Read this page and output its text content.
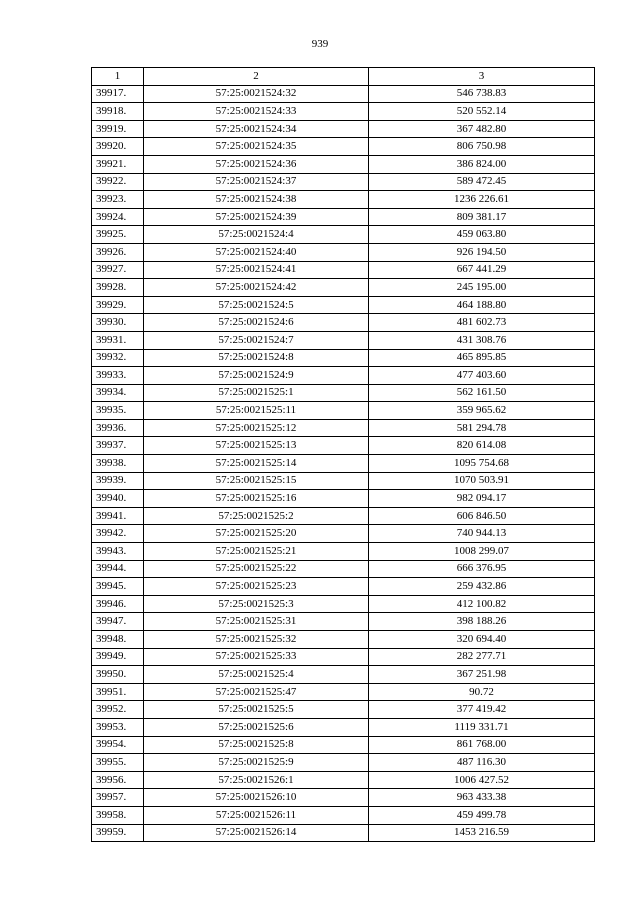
939
1	2	3
39917.	57:25:0021524:32	546 738.83
39918.	57:25:0021524:33	520 552.14
39919.	57:25:0021524:34	367 482.80
39920.	57:25:0021524:35	806 750.98
39921.	57:25:0021524:36	386 824.00
39922.	57:25:0021524:37	589 472.45
39923.	57:25:0021524:38	1236 226.61
39924.	57:25:0021524:39	809 381.17
39925.	57:25:0021524:4	459 063.80
39926.	57:25:0021524:40	926 194.50
39927.	57:25:0021524:41	667 441.29
39928.	57:25:0021524:42	245 195.00
39929.	57:25:0021524:5	464 188.80
39930.	57:25:0021524:6	481 602.73
39931.	57:25:0021524:7	431 308.76
39932.	57:25:0021524:8	465 895.85
39933.	57:25:0021524:9	477 403.60
39934.	57:25:0021525:1	562 161.50
39935.	57:25:0021525:11	359 965.62
39936.	57:25:0021525:12	581 294.78
39937.	57:25:0021525:13	820 614.08
39938.	57:25:0021525:14	1095 754.68
39939.	57:25:0021525:15	1070 503.91
39940.	57:25:0021525:16	982 094.17
39941.	57:25:0021525:2	606 846.50
39942.	57:25:0021525:20	740 944.13
39943.	57:25:0021525:21	1008 299.07
39944.	57:25:0021525:22	666 376.95
39945.	57:25:0021525:23	259 432.86
39946.	57:25:0021525:3	412 100.82
39947.	57:25:0021525:31	398 188.26
39948.	57:25:0021525:32	320 694.40
39949.	57:25:0021525:33	282 277.71
39950.	57:25:0021525:4	367 251.98
39951.	57:25:0021525:47	90.72
39952.	57:25:0021525:5	377 419.42
39953.	57:25:0021525:6	1119 331.71
39954.	57:25:0021525:8	861 768.00
39955.	57:25:0021525:9	487 116.30
39956.	57:25:0021526:1	1006 427.52
39957.	57:25:0021526:10	963 433.38
39958.	57:25:0021526:11	459 499.78
39959.	57:25:0021526:14	1453 216.59
